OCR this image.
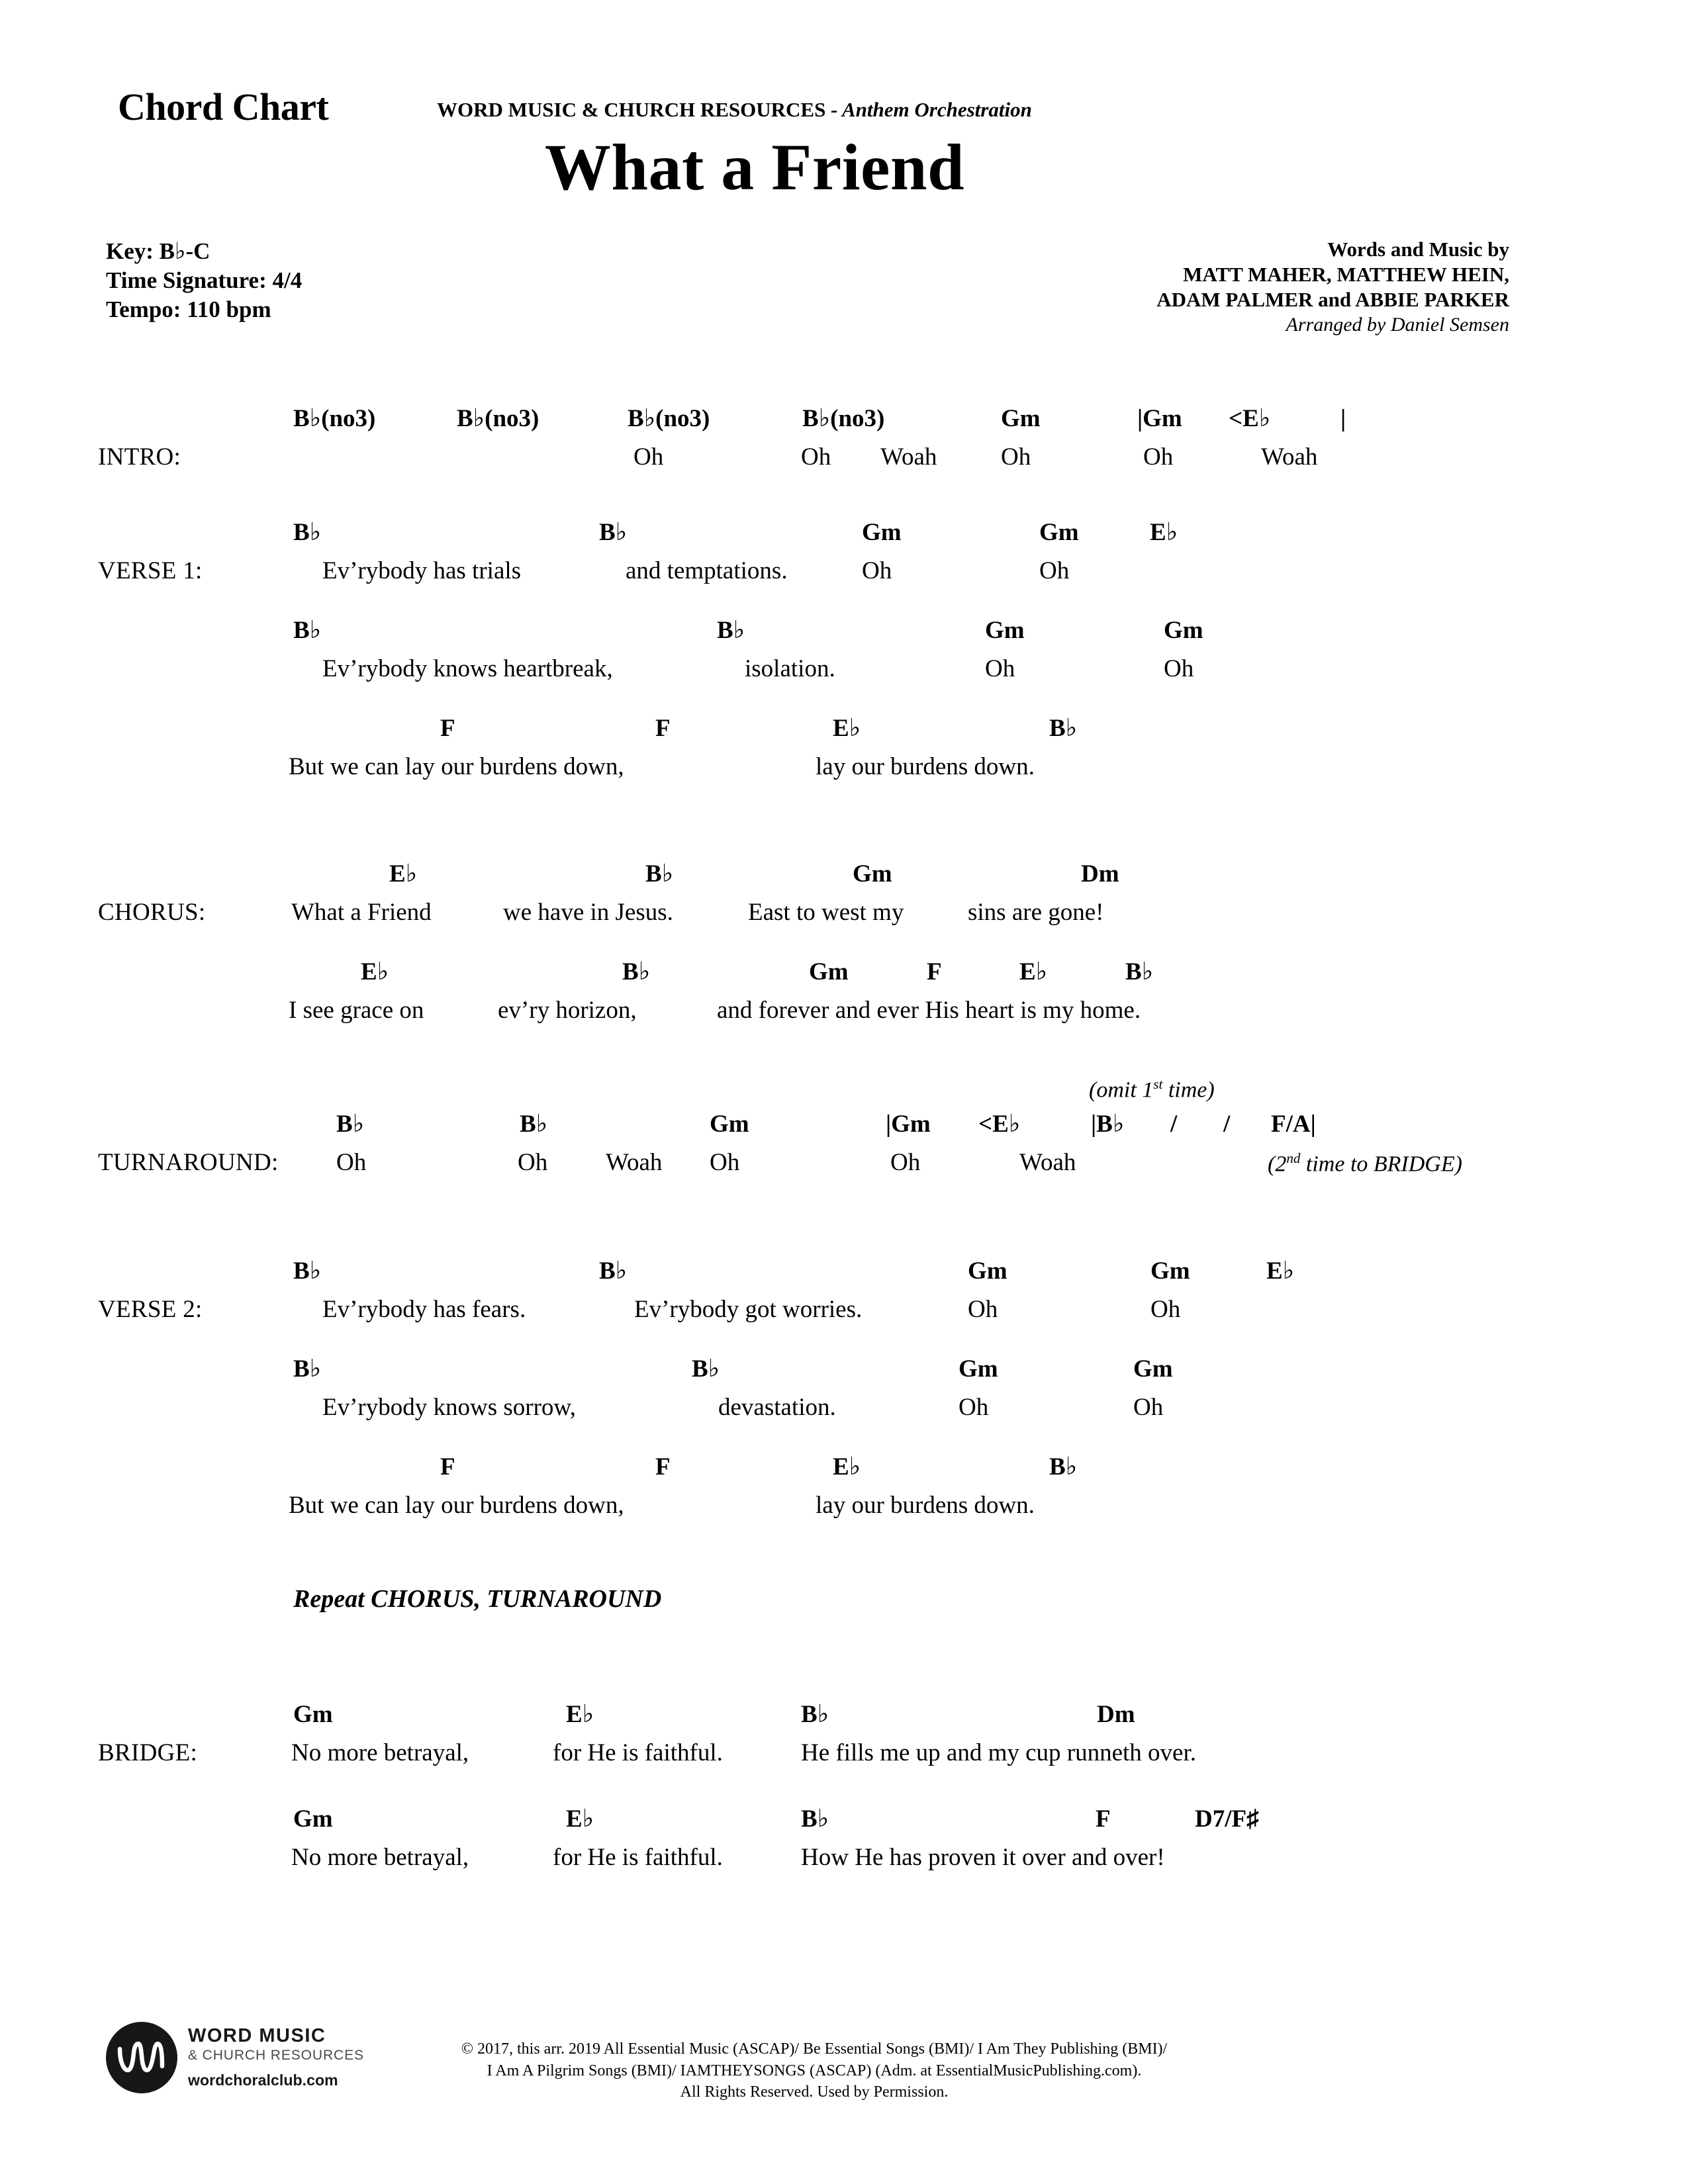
Chord Chart	WORD MUSIC & CHURCH RESOURCES - Anthem Orchestration
What a Friend
Key: B♭-C
Time Signature: 4/4
Tempo: 110 bpm
Words and Music by
MATT MAHER, MATTHEW HEIN,
ADAM PALMER and ABBIE PARKER
Arranged by Daniel Semsen
B♭(no3)	B♭(no3)	B♭(no3)	B♭(no3)	Gm	|Gm <E♭	|
INTRO:	Oh	Oh Woah	Oh	Oh	Woah
B♭	B♭	Gm	Gm	E♭
VERSE 1:	Ev’rybody has trials	and temptations.	Oh	Oh
B♭	B♭	Gm	Gm
Ev’rybody knows heartbreak,	isolation.	Oh	Oh
F	F	E♭	B♭
But we can lay our burdens down,	lay our burdens down.
E♭	B♭	Gm	Dm
CHORUS:	What a Friend	we have in Jesus.	East to west my	sins are gone!
E♭	B♭	Gm	F	E♭	B♭
I see grace on	ev’ry horizon,	and forever and ever His heart is my home.
(omit 1st time)
B♭	B♭	Gm	|Gm <E♭	|B♭ / / F/A|
TURNAROUND: Oh	Oh Woah Oh	Oh	Woah	(2nd time to BRIDGE)
B♭	B♭	Gm	Gm	E♭
VERSE 2:	Ev’rybody has fears.	Ev’rybody got worries.	Oh	Oh
B♭	B♭	Gm	Gm
Ev’rybody knows sorrow,	devastation.	Oh	Oh
F	F	E♭	B♭
But we can lay our burdens down,	lay our burdens down.
Repeat CHORUS, TURNAROUND
Gm	E♭	B♭	Dm
BRIDGE:	No more betrayal,	for He is faithful.	He fills me up and my cup runneth over.
Gm	E♭	B♭	F	D7/F♯
No more betrayal,	for He is faithful.	How He has proven it over and over!
WORD MUSIC
& CHURCH RESOURCES
wordchoralclub.com
© 2017, this arr. 2019 All Essential Music (ASCAP)/ Be Essential Songs (BMI)/ I Am They Publishing (BMI)/
I Am A Pilgrim Songs (BMI)/ IAMTHEYSONGS (ASCAP) (Adm. at EssentialMusicPublishing.com).
All Rights Reserved. Used by Permission.
